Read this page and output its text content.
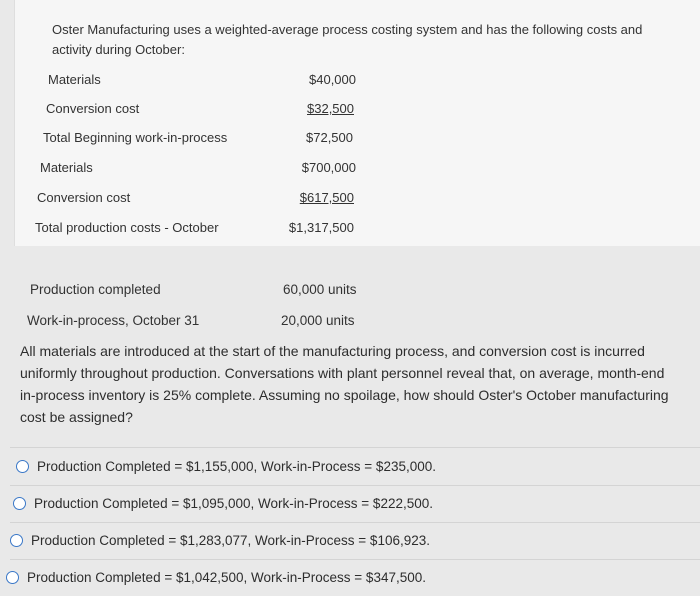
Oster Manufacturing uses a weighted-average process costing system and has the following costs and activity during October:
Materials	$40,000
Conversion cost	$32,500
Total Beginning work-in-process	$72,500
Materials	$700,000
Conversion cost	$617,500
Total production costs - October	$1,317,500
Production completed	60,000 units
Work-in-process, October 31	20,000 units
All materials are introduced at the start of the manufacturing process, and conversion cost is incurred uniformly throughout production. Conversations with plant personnel reveal that, on average, month-end in-process inventory is 25% complete. Assuming no spoilage, how should Oster's October manufacturing cost be assigned?
Production Completed = $1,155,000, Work-in-Process = $235,000.
Production Completed = $1,095,000, Work-in-Process = $222,500.
Production Completed = $1,283,077, Work-in-Process = $106,923.
Production Completed = $1,042,500, Work-in-Process = $347,500.
